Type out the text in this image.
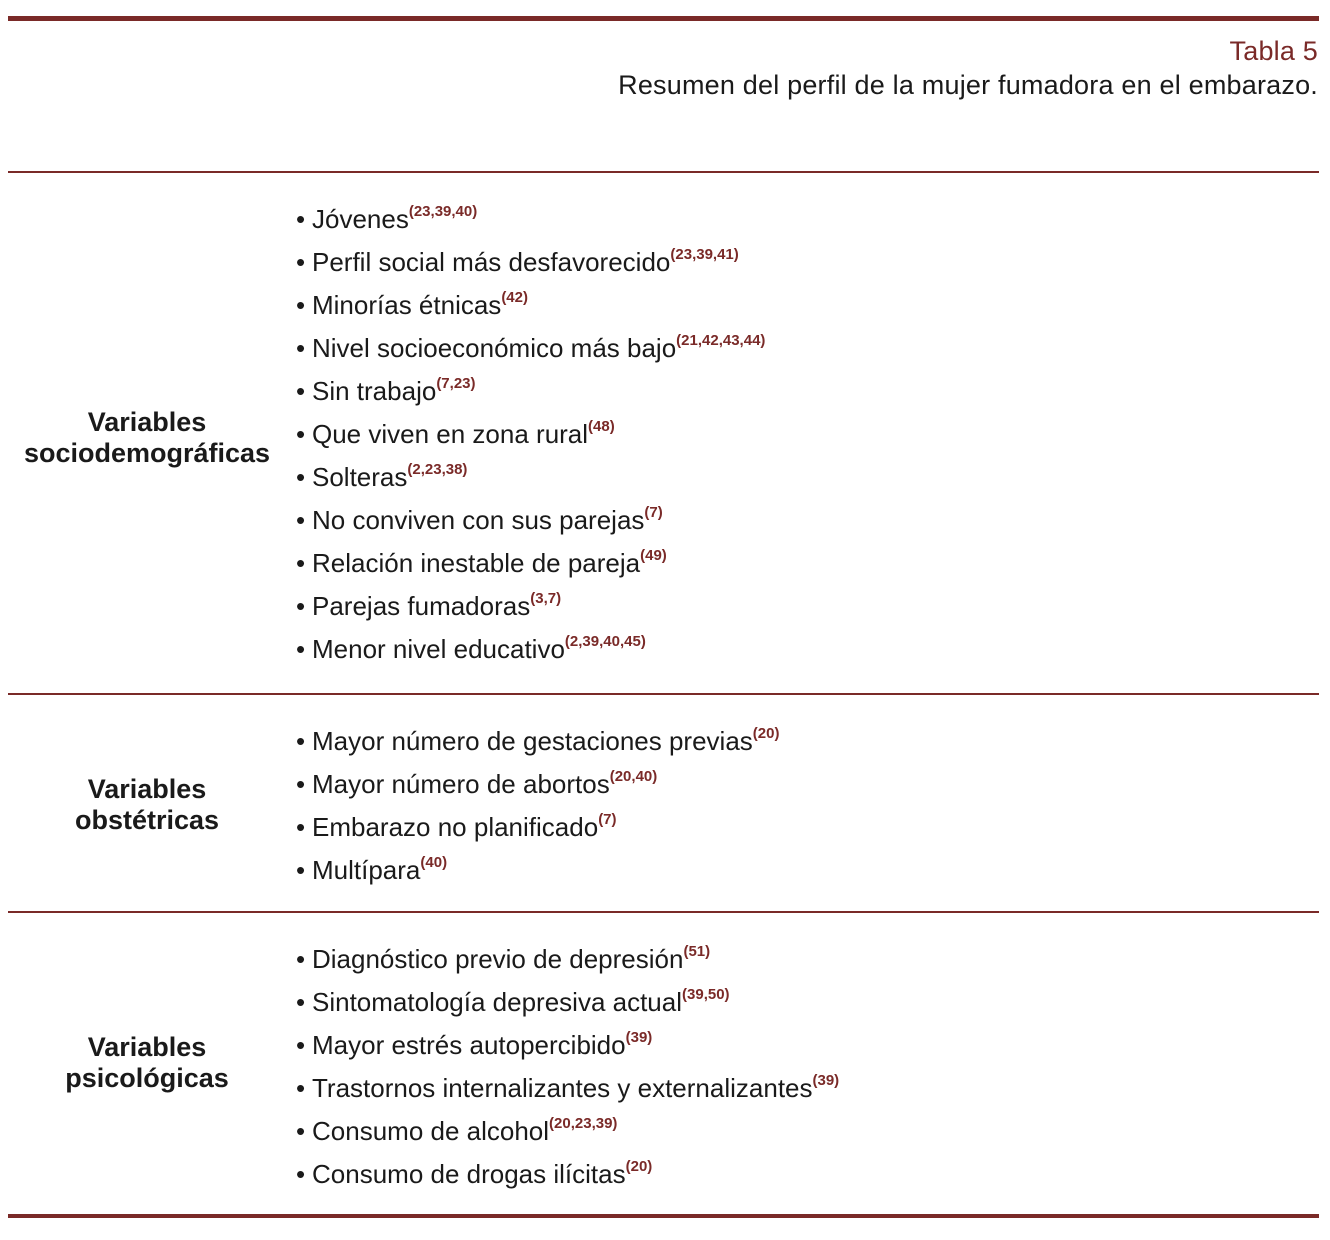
Tabla 5
Resumen del perfil de la mujer fumadora en el embarazo.
Variables
sociodemográficas
• Jóvenes$^{(23,39,40)}$
• Perfil social más desfavorecido$^{(23,39,41)}$
• Minorías étnicas$^{(42)}$
• Nivel socioeconómico más bajo$^{(21,42,43,44)}$
• Sin trabajo$^{(7,23)}$
• Que viven en zona rural$^{(48)}$
• Solteras$^{(2,23,38)}$
• No conviven con sus parejas$^{(7)}$
• Relación inestable de pareja$^{(49)}$
• Parejas fumadoras$^{(3,7)}$
• Menor nivel educativo$^{(2,39,40,45)}$
Variables
obstétricas
• Mayor número de gestaciones previas$^{(20)}$
• Mayor número de abortos$^{(20,40)}$
• Embarazo no planificado$^{(7)}$
• Multípara$^{(40)}$
Variables
psicológicas
• Diagnóstico previo de depresión$^{(51)}$
• Sintomatología depresiva actual$^{(39,50)}$
• Mayor estrés autopercibido$^{(39)}$
• Trastornos internalizantes y externalizantes$^{(39)}$
• Consumo de alcohol$^{(20,23,39)}$
• Consumo de drogas ilícitas$^{(20)}$
